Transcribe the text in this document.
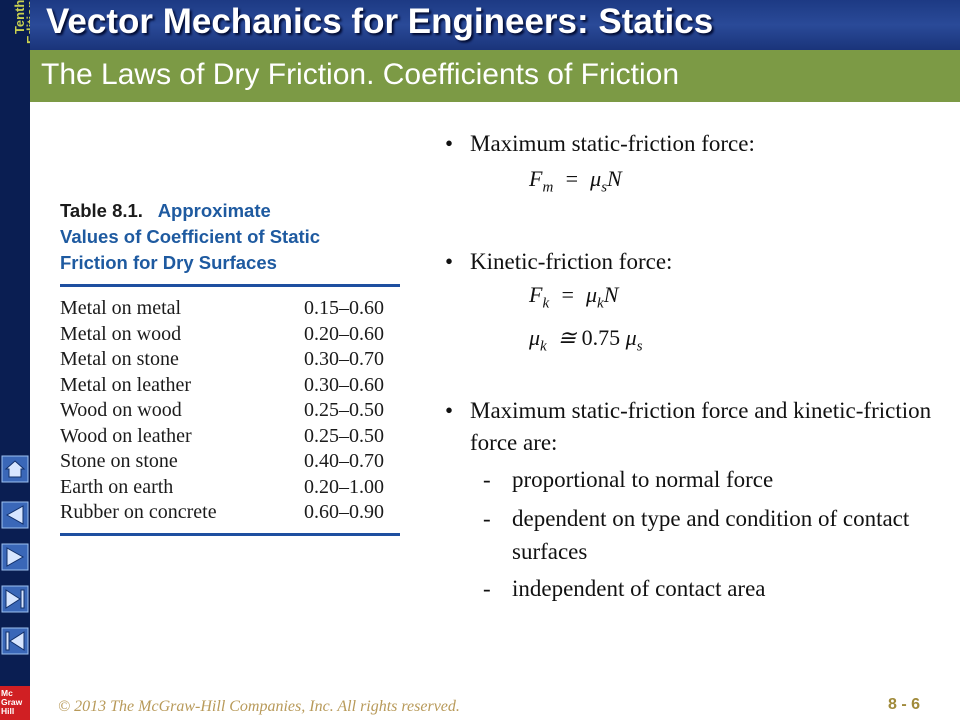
Tenth Vector Mechanics for Engineers: Statics
The Laws of Dry Friction. Coefficients of Friction
Table 8.1. Approximate
Values of Coefficient of Static
Friction for Dry Surfaces
Metal on metal	0.15–0.60
Metal on wood	0.20–0.60
Metal on stone	0.30–0.70
Metal on leather	0.30–0.60
Wood on wood	0.25–0.50
Wood on leather	0.25–0.50
Stone on stone	0.40–0.70
Earth on earth	0.20–1.00
Rubber on concrete	0.60–0.90
• Maximum static-friction force:
$F_m = \mu_sN$
• Kinetic-friction force:
$F_k = \mu_kN$
$\mu_k$  ≅ 0.75 $\mu_s$
• Maximum static-friction force and kinetic-friction force are:
- proportional to normal force
- dependent on type and condition of contact surfaces
- independent of contact area
Mc
Graw
Hill	© 2013 The McGraw-Hill Companies, Inc. All rights reserved.	8 - 6
